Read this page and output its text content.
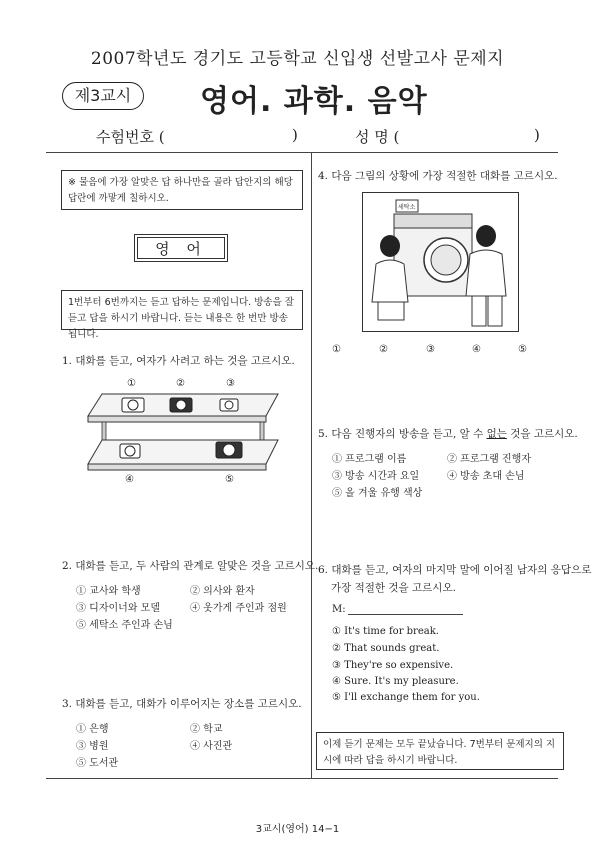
2007학년도 경기도 고등학교 신입생 선발고사 문제지
제3교시	영어. 과학. 음악
수험번호 (	)	성 명 (	)
※ 물음에 가장 알맞은 답 하나만을 골라 답안지의 해당 답란에 까맣게 칠하시오.
영 어
1번부터 6번까지는 듣고 답하는 문제입니다. 방송을 잘 듣고 답을 하시기 바랍니다. 듣는 내용은 한 번만 방송됩니다.
1. 대화를 듣고, 여자가 사려고 하는 것을 고르시오.
①	②	③
④	⑤
2. 대화를 듣고, 두 사람의 관계로 알맞은 것을 고르시오.
① 교사와 학생	② 의사와 환자
③ 디자이너와 모델	④ 옷가게 주인과 점원
⑤ 세탁소 주인과 손님
3. 대화를 듣고, 대화가 이루어지는 장소를 고르시오.
① 은행	② 학교
③ 병원	④ 사진관
⑤ 도서관
4. 다음 그림의 상황에 가장 적절한 대화를 고르시오.
세탁소
①	②	③	④	⑤
5. 다음 진행자의 방송을 듣고, 알 수 없는 것을 고르시오.
① 프로그램 이름	② 프로그램 진행자
③ 방송 시간과 요일	④ 방송 초대 손님
⑤ 올 겨울 유행 색상
6. 대화를 듣고, 여자의 마지막 말에 이어질 남자의 응답으로
가장 적절한 것을 고르시오.
M:
① It's time for break.
② That sounds great.
③ They're so expensive.
④ Sure. It's my pleasure.
⑤ I'll exchange them for you.
이제 듣기 문제는 모두 끝났습니다. 7번부터 문제지의 지시에 따라 답을 하시기 바랍니다.
3교시(영어) 14−1
